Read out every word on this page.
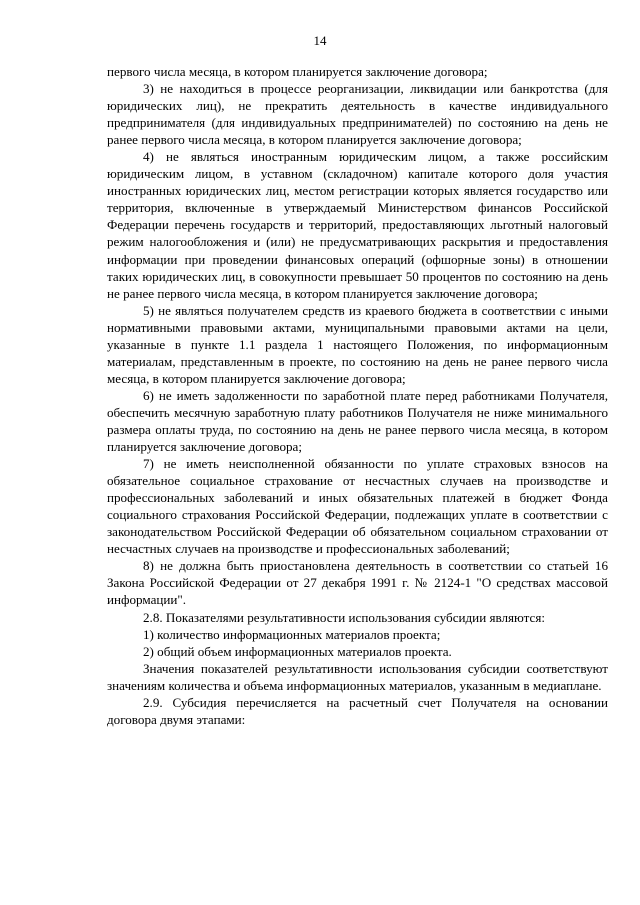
14

первого числа месяца, в котором планируется заключение договора;

3) не находиться в процессе реорганизации, ликвидации или банкротства (для юридических лиц), не прекратить деятельность в качестве индивидуального предпринимателя (для индивидуальных предпринимателей) по состоянию на день не ранее первого числа месяца, в котором планируется заключение договора;

4) не являться иностранным юридическим лицом, а также российским юридическим лицом, в уставном (складочном) капитале которого доля участия иностранных юридических лиц, местом регистрации которых является государство или территория, включенные в утверждаемый Министерством финансов Российской Федерации перечень государств и территорий, предоставляющих льготный налоговый режим налогообложения и (или) не предусматривающих раскрытия и предоставления информации при проведении финансовых операций (офшорные зоны) в отношении таких юридических лиц, в совокупности превышает 50 процентов по состоянию на день не ранее первого числа месяца, в котором планируется заключение договора;

5) не являться получателем средств из краевого бюджета в соответствии с иными нормативными правовыми актами, муниципальными правовыми актами на цели, указанные в пункте 1.1 раздела 1 настоящего Положения, по информационным материалам, представленным в проекте, по состоянию на день не ранее первого числа месяца, в котором планируется заключение договора;

6) не иметь задолженности по заработной плате перед работниками Получателя, обеспечить месячную заработную плату работников Получателя не ниже минимального размера оплаты труда, по состоянию на день не ранее первого числа месяца, в котором планируется заключение договора;

7) не иметь неисполненной обязанности по уплате страховых взносов на обязательное социальное страхование от несчастных случаев на производстве и профессиональных заболеваний и иных обязательных платежей в бюджет Фонда социального страхования Российской Федерации, подлежащих уплате в соответствии с законодательством Российской Федерации об обязательном социальном страховании от несчастных случаев на производстве и профессиональных заболеваний;

8) не должна быть приостановлена деятельность в соответствии со статьей 16 Закона Российской Федерации от 27 декабря 1991 г. № 2124-1 "О средствах массовой информации".

2.8. Показателями результативности использования субсидии являются:

1) количество информационных материалов проекта;

2) общий объем информационных материалов проекта.

Значения показателей результативности использования субсидии соответствуют значениям количества и объема информационных материалов, указанным в медиаплане.

2.9. Субсидия перечисляется на расчетный счет Получателя на основании договора двумя этапами:
